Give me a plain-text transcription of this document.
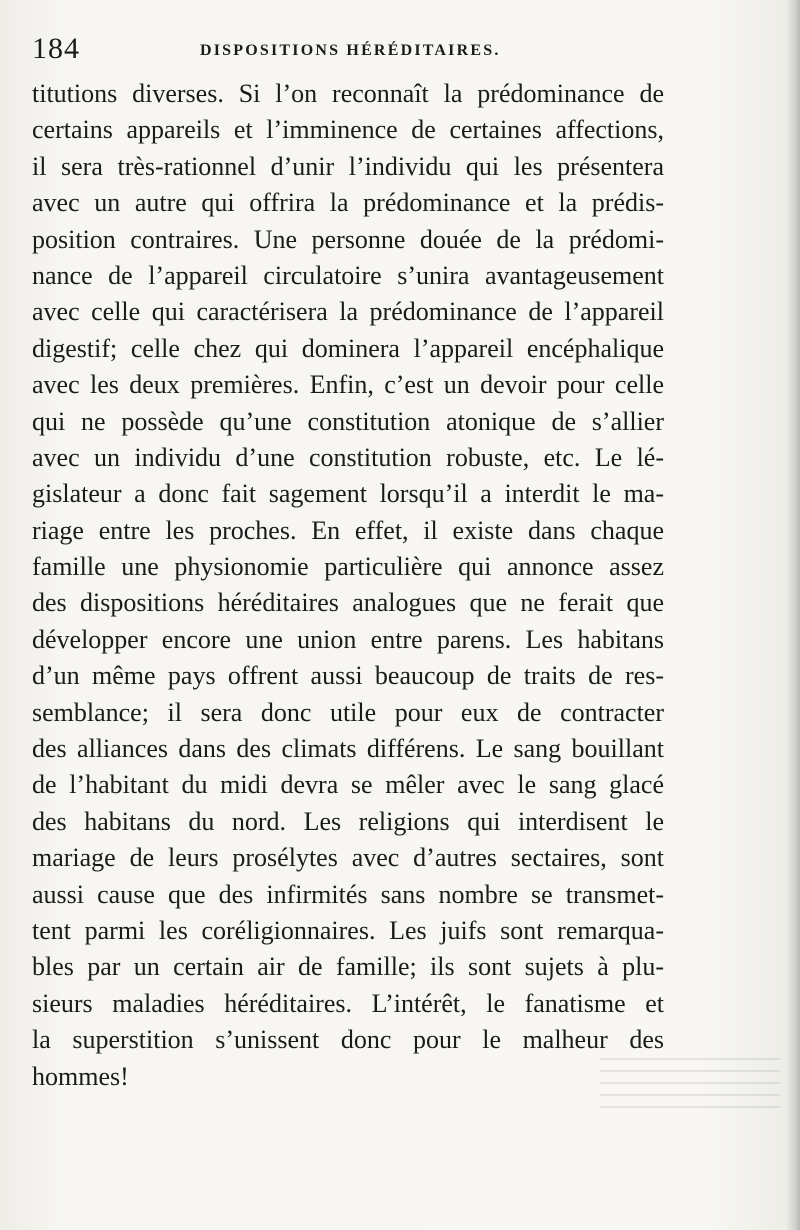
184	DISPOSITIONS HÉRÉDITAIRES.
titutions diverses. Si l’on reconnaît la prédominance de
certains appareils et l’imminence de certaines affections,
il sera très-rationnel d’unir l’individu qui les présentera
avec un autre qui offrira la prédominance et la prédis-
position contraires. Une personne douée de la prédomi-
nance de l’appareil circulatoire s’unira avantageusement
avec celle qui caractérisera la prédominance de l’appareil
digestif; celle chez qui dominera l’appareil encéphalique
avec les deux premières. Enfin, c’est un devoir pour celle
qui ne possède qu’une constitution atonique de s’allier
avec un individu d’une constitution robuste, etc. Le lé-
gislateur a donc fait sagement lorsqu’il a interdit le ma-
riage entre les proches. En effet, il existe dans chaque
famille une physionomie particulière qui annonce assez
des dispositions héréditaires analogues que ne ferait que
développer encore une union entre parens. Les habitans
d’un même pays offrent aussi beaucoup de traits de res-
semblance; il sera donc utile pour eux de contracter
des alliances dans des climats différens. Le sang bouillant
de l’habitant du midi devra se mêler avec le sang glacé
des habitans du nord. Les religions qui interdisent le
mariage de leurs prosélytes avec d’autres sectaires, sont
aussi cause que des infirmités sans nombre se transmet-
tent parmi les coréligionnaires. Les juifs sont remarqua-
bles par un certain air de famille; ils sont sujets à plu-
sieurs maladies héréditaires. L’intérêt, le fanatisme et
la superstition s’unissent donc pour le malheur des
hommes!
